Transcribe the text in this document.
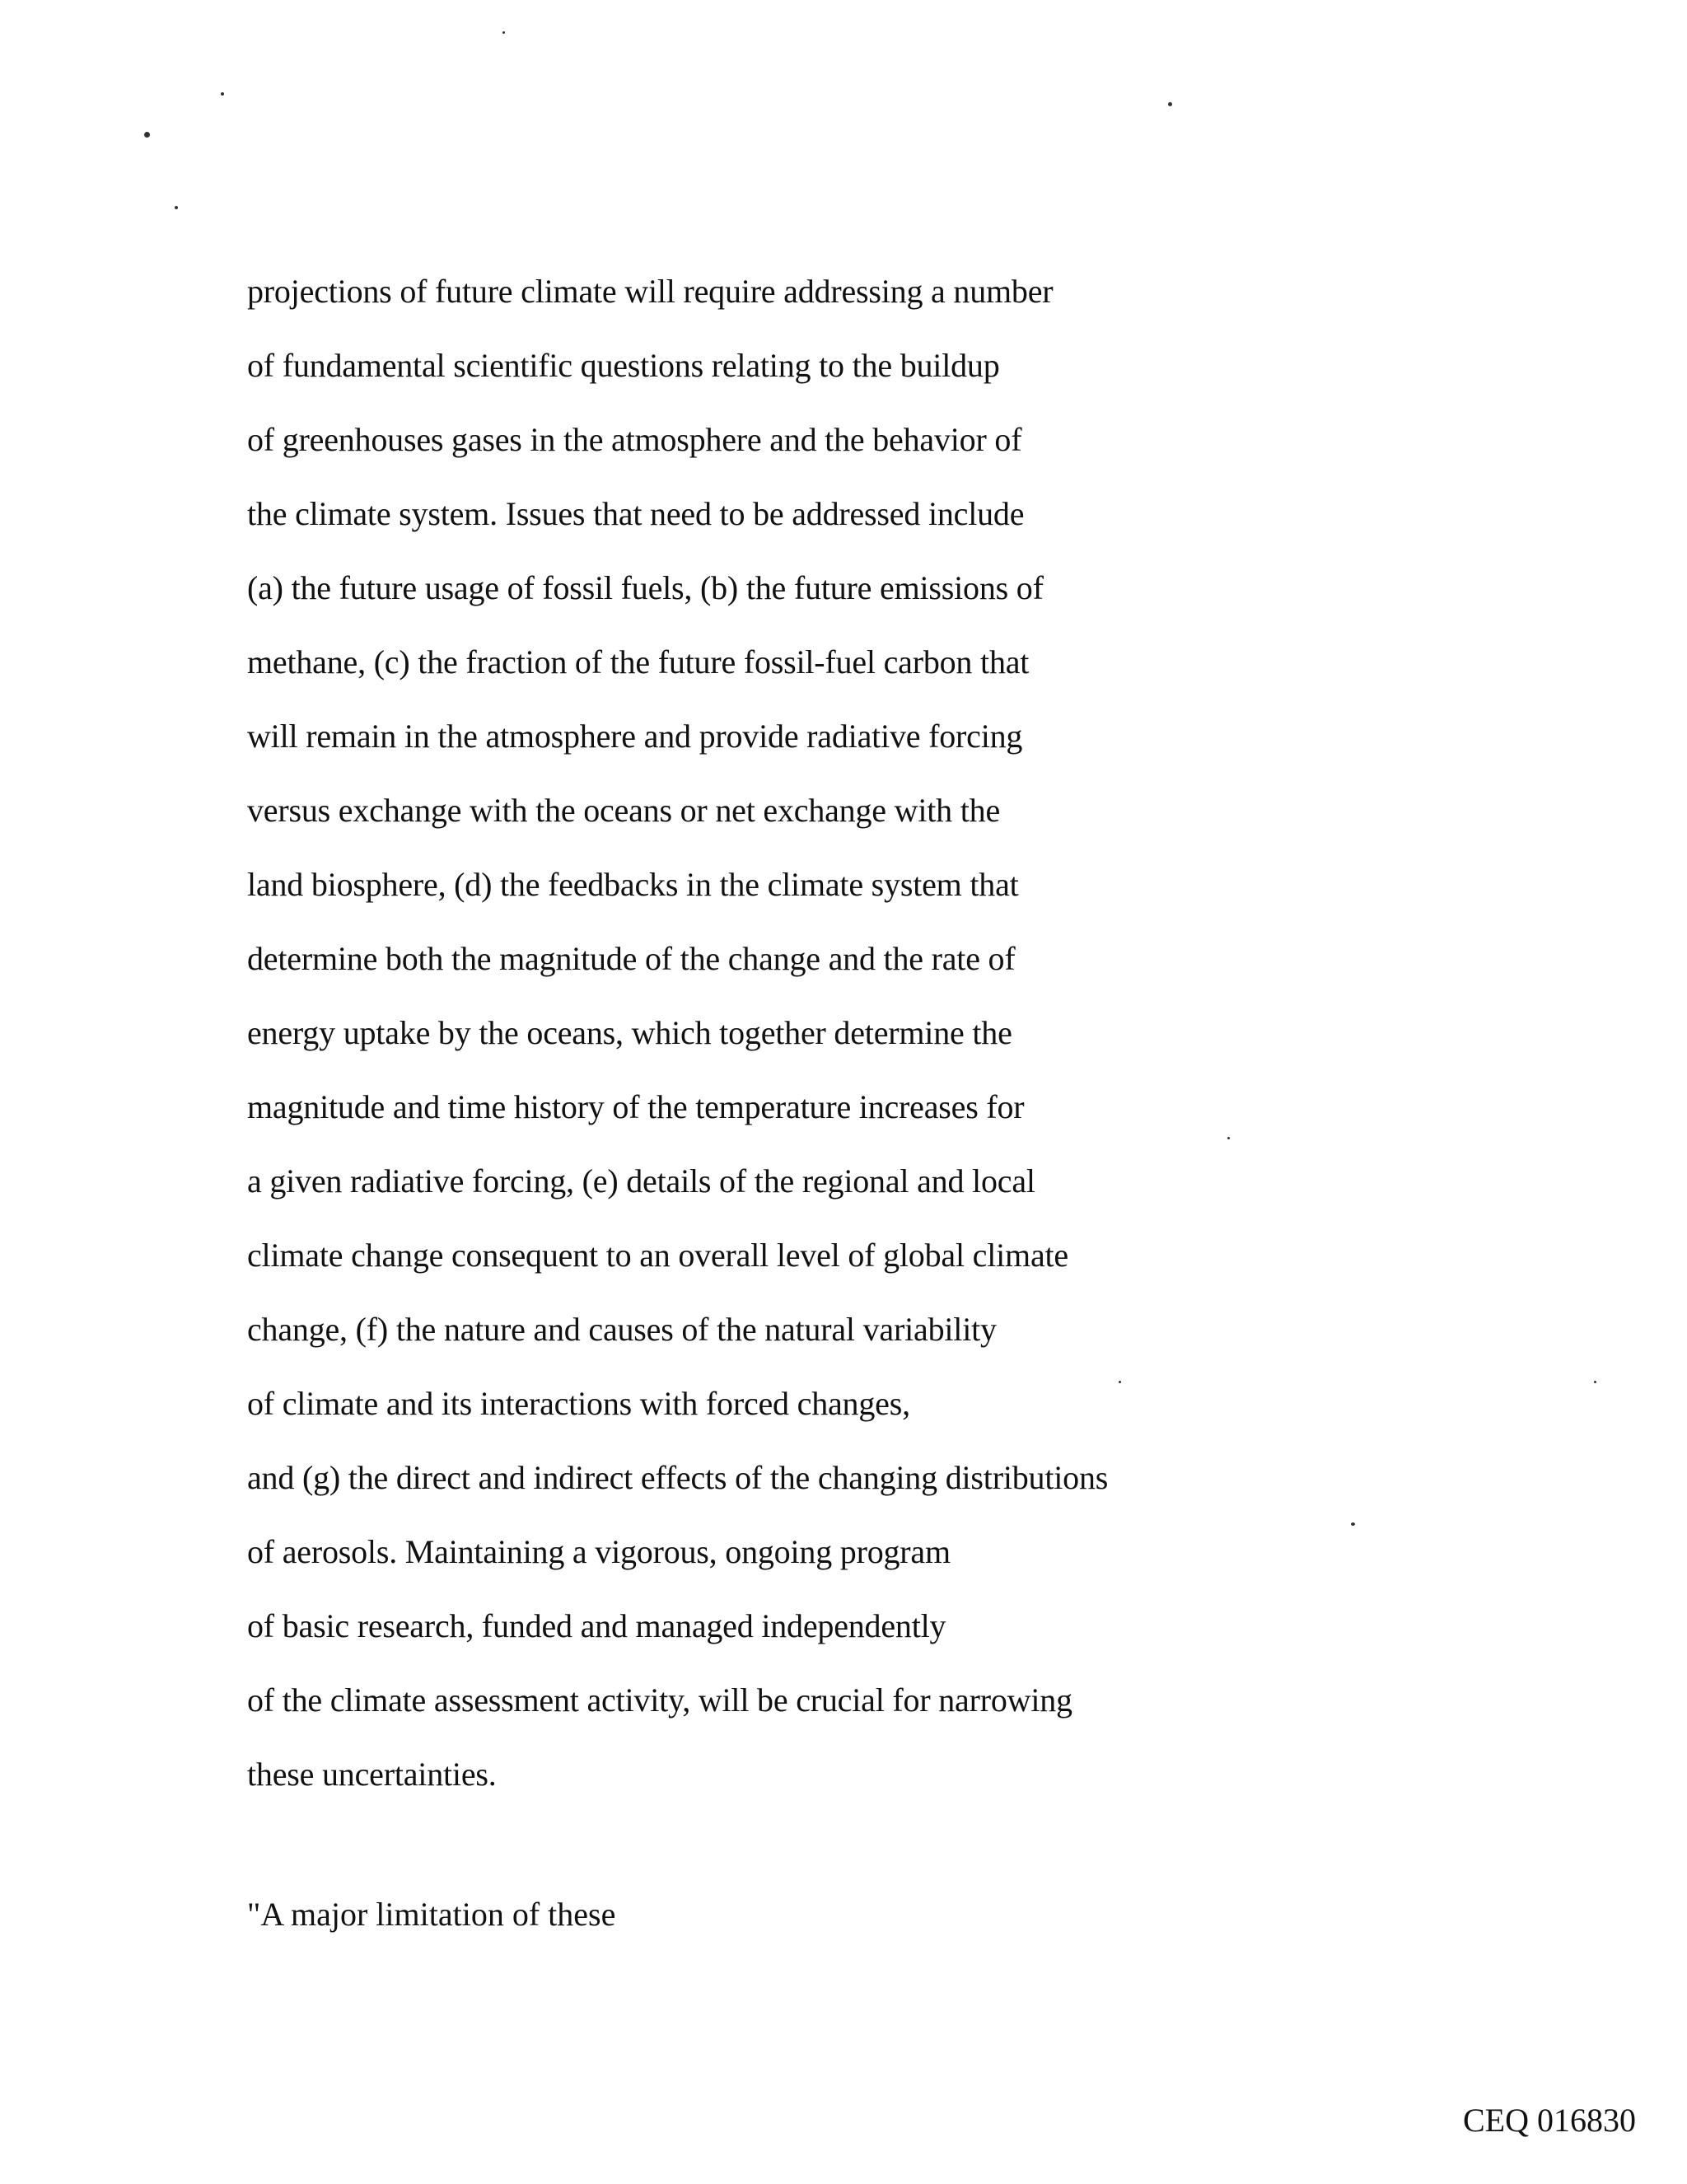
projections of future climate will require addressing a number
of fundamental scientific questions relating to the buildup
of greenhouses gases in the atmosphere and the behavior of
the climate system. Issues that need to be addressed include
(a) the future usage of fossil fuels, (b) the future emissions of
methane, (c) the fraction of the future fossil-fuel carbon that
will remain in the atmosphere and provide radiative forcing
versus exchange with the oceans or net exchange with the
land biosphere, (d) the feedbacks in the climate system that
determine both the magnitude of the change and the rate of
energy uptake by the oceans, which together determine the
magnitude and time history of the temperature increases for
a given radiative forcing, (e) details of the regional and local
climate change consequent to an overall level of global climate
change, (f) the nature and causes of the natural variability
of climate and its interactions with forced changes,
and (g) the direct and indirect effects of the changing distributions
of aerosols. Maintaining a vigorous, ongoing program
of basic research, funded and managed independently
of the climate assessment activity, will be crucial for narrowing
these uncertainties.
"A major limitation of these
CEQ 016830
